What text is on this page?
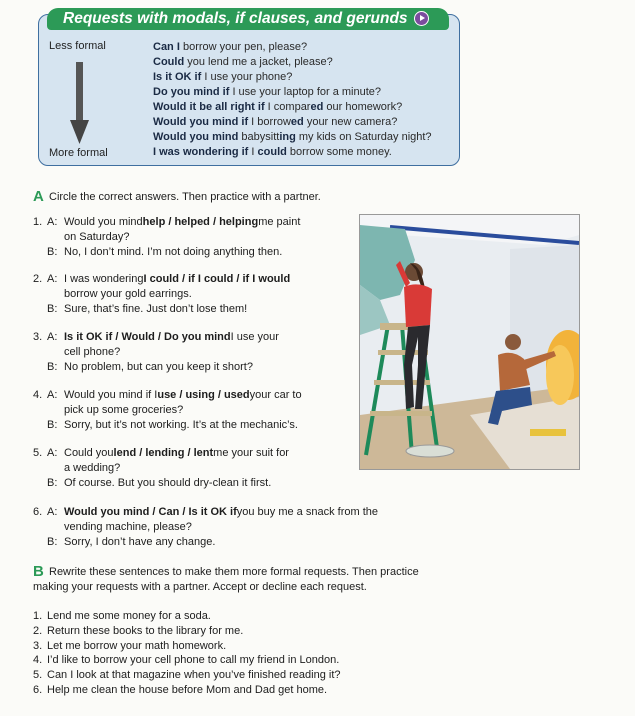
Requests with modals, if clauses, and gerunds
Less formal
More formal
Can I borrow your pen, please?
Could you lend me a jacket, please?
Is it OK if I use your phone?
Do you mind if I use your laptop for a minute?
Would it be all right if I compared our homework?
Would you mind if I borrowed your new camera?
Would you mind babysitting my kids on Saturday night?
I was wondering if I could borrow some money.
A Circle the correct answers. Then practice with a partner.
1. A: Would you mind help / helped / helping me paint
on Saturday?
B: No, I don’t mind. I’m not doing anything then.
2. A: I was wondering I could / if I could / if I would
borrow your gold earrings.
B: Sure, that’s fine. Just don’t lose them!
3. A: Is it OK if / Would / Do you mind I use your
cell phone?
B: No problem, but can you keep it short?
4. A: Would you mind if I use / using / used your car to
pick up some groceries?
B: Sorry, but it’s not working. It’s at the mechanic’s.
5. A: Could you lend / lending / lent me your suit for
a wedding?
B: Of course. But you should dry-clean it first.
6. A: Would you mind / Can / Is it OK if you buy me a snack from the
vending machine, please?
B: Sorry, I don’t have any change.
B Rewrite these sentences to make them more formal requests. Then practice
making your requests with a partner. Accept or decline each request.
1. Lend me some money for a soda.
2. Return these books to the library for me.
3. Let me borrow your math homework.
4. I’d like to borrow your cell phone to call my friend in London.
5. Can I look at that magazine when you’ve finished reading it?
6. Help me clean the house before Mom and Dad get home.
